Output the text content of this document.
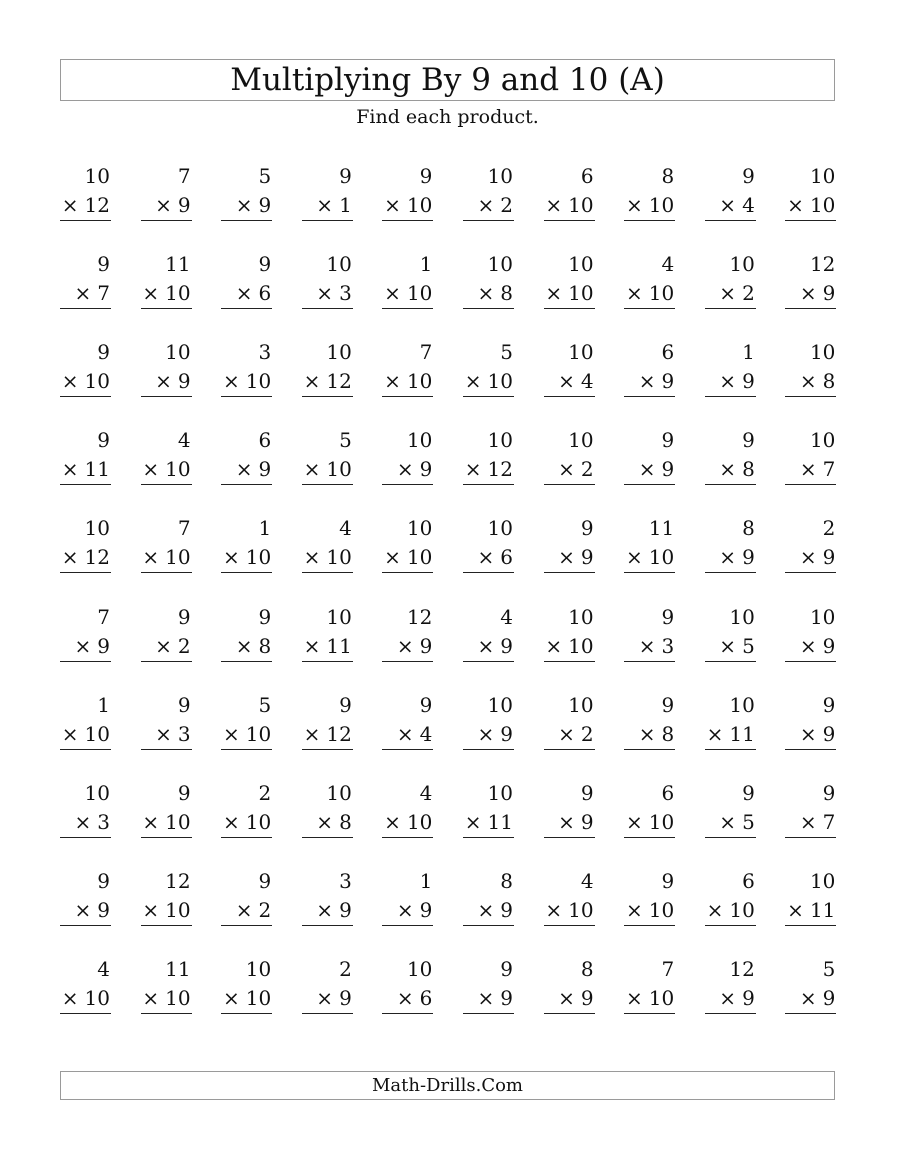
Multiplying By 9 and 10 (A)
Find each product.
10
× 12
7
× 9
5
× 9
9
× 1
9
× 10
10
× 2
6
× 10
8
× 10
9
× 4
10
× 10
9
× 7
11
× 10
9
× 6
10
× 3
1
× 10
10
× 8
10
× 10
4
× 10
10
× 2
12
× 9
9
× 10
10
× 9
3
× 10
10
× 12
7
× 10
5
× 10
10
× 4
6
× 9
1
× 9
10
× 8
9
× 11
4
× 10
6
× 9
5
× 10
10
× 9
10
× 12
10
× 2
9
× 9
9
× 8
10
× 7
10
× 12
7
× 10
1
× 10
4
× 10
10
× 10
10
× 6
9
× 9
11
× 10
8
× 9
2
× 9
7
× 9
9
× 2
9
× 8
10
× 11
12
× 9
4
× 9
10
× 10
9
× 3
10
× 5
10
× 9
1
× 10
9
× 3
5
× 10
9
× 12
9
× 4
10
× 9
10
× 2
9
× 8
10
× 11
9
× 9
10
× 3
9
× 10
2
× 10
10
× 8
4
× 10
10
× 11
9
× 9
6
× 10
9
× 5
9
× 7
9
× 9
12
× 10
9
× 2
3
× 9
1
× 9
8
× 9
4
× 10
9
× 10
6
× 10
10
× 11
4
× 10
11
× 10
10
× 10
2
× 9
10
× 6
9
× 9
8
× 9
7
× 10
12
× 9
5
× 9
Math-Drills.Com
